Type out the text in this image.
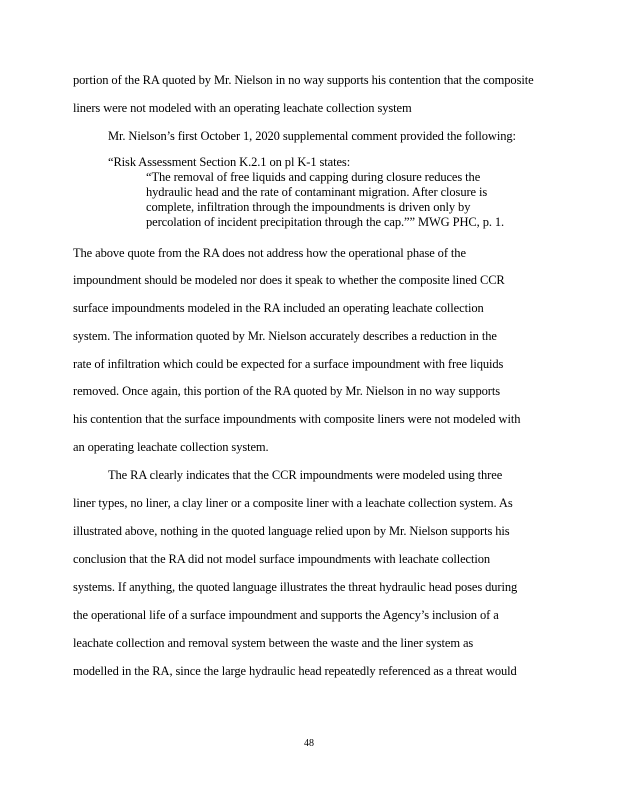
portion of the RA quoted by Mr. Nielson in no way supports his contention that the composite
liners were not modeled with an operating leachate collection system
Mr. Nielson’s first October 1, 2020 supplemental comment provided the following:
“Risk Assessment Section K.2.1 on pl K-1 states:
“The removal of free liquids and capping during closure reduces the
hydraulic head and the rate of contaminant migration. After closure is
complete, infiltration through the impoundments is driven only by
percolation of incident precipitation through the cap.”” MWG PHC, p. 1.
The above quote from the RA does not address how the operational phase of the
impoundment should be modeled nor does it speak to whether the composite lined CCR
surface impoundments modeled in the RA included an operating leachate collection
system. The information quoted by Mr. Nielson accurately describes a reduction in the
rate of infiltration which could be expected for a surface impoundment with free liquids
removed. Once again, this portion of the RA quoted by Mr. Nielson in no way supports
his contention that the surface impoundments with composite liners were not modeled with
an operating leachate collection system.
The RA clearly indicates that the CCR impoundments were modeled using three
liner types, no liner, a clay liner or a composite liner with a leachate collection system. As
illustrated above, nothing in the quoted language relied upon by Mr. Nielson supports his
conclusion that the RA did not model surface impoundments with leachate collection
systems. If anything, the quoted language illustrates the threat hydraulic head poses during
the operational life of a surface impoundment and supports the Agency’s inclusion of a
leachate collection and removal system between the waste and the liner system as
modelled in the RA, since the large hydraulic head repeatedly referenced as a threat would
48
